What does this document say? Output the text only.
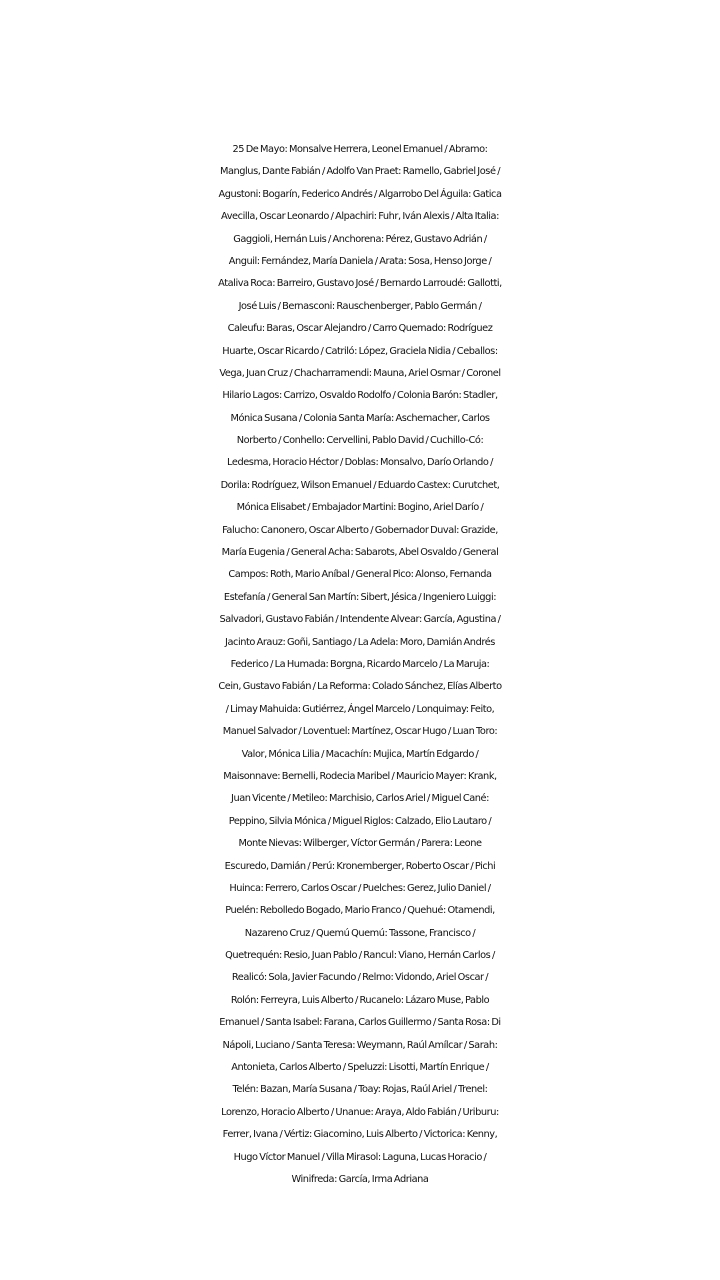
25 De Mayo: Monsalve Herrera, Leonel Emanuel / Abramo:
Manglus, Dante Fabián / Adolfo Van Praet: Ramello, Gabriel José /
Agustoni: Bogarín, Federico Andrés / Algarrobo Del Águila: Gatica
Avecilla, Oscar Leonardo / Alpachiri: Fuhr, Iván Alexis / Alta Italia:
Gaggioli, Hernán Luis / Anchorena: Pérez, Gustavo Adrián /
Anguil: Fernández, María Daniela / Arata: Sosa, Henso Jorge /
Ataliva Roca: Barreiro, Gustavo José / Bernardo Larroudé: Gallotti,
José Luis / Bernasconi: Rauschenberger, Pablo Germán /
Caleufu: Baras, Oscar Alejandro / Carro Quemado: Rodríguez
Huarte, Oscar Ricardo / Catriló: López, Graciela Nidia / Ceballos:
Vega, Juan Cruz / Chacharramendi: Mauna, Ariel Osmar / Coronel
Hilario Lagos: Carrizo, Osvaldo Rodolfo / Colonia Barón: Stadler,
Mónica Susana / Colonia Santa María: Aschemacher, Carlos
Norberto / Conhello: Cervellini, Pablo David / Cuchillo-Có:
Ledesma, Horacio Héctor / Doblas: Monsalvo, Darío Orlando /
Dorila: Rodríguez, Wilson Emanuel / Eduardo Castex: Curutchet,
Mónica Elisabet / Embajador Martini: Bogino, Ariel Darío /
Falucho: Canonero, Oscar Alberto / Gobernador Duval: Grazide,
María Eugenia / General Acha: Sabarots, Abel Osvaldo / General
Campos: Roth, Mario Aníbal / General Pico: Alonso, Fernanda
Estefanía / General San Martín: Sibert, Jésica / Ingeniero Luiggi:
Salvadori, Gustavo Fabián / Intendente Alvear: García, Agustina /
Jacinto Arauz: Goñi, Santiago / La Adela: Moro, Damián Andrés
Federico / La Humada: Borgna, Ricardo Marcelo / La Maruja:
Cein, Gustavo Fabián / La Reforma: Colado Sánchez, Elías Alberto
/ Limay Mahuida: Gutiérrez, Ángel Marcelo / Lonquimay: Feito,
Manuel Salvador / Loventuel: Martínez, Oscar Hugo / Luan Toro:
Valor, Mónica Lilia / Macachín: Mujica, Martín Edgardo /
Maisonnave: Bernelli, Rodecia Maribel / Mauricio Mayer: Krank,
Juan Vicente / Metileo: Marchisio, Carlos Ariel / Miguel Cané:
Peppino, Silvia Mónica / Miguel Riglos: Calzado, Elio Lautaro /
Monte Nievas: Wilberger, Víctor Germán / Parera: Leone
Escuredo, Damián / Perú: Kronemberger, Roberto Oscar / Pichi
Huinca: Ferrero, Carlos Oscar / Puelches: Gerez, Julio Daniel /
Puelén: Rebolledo Bogado, Mario Franco / Quehué: Otamendi,
Nazareno Cruz / Quemú Quemú: Tassone, Francisco /
Quetrequén: Resio, Juan Pablo / Rancul: Viano, Hernán Carlos /
Realicó: Sola, Javier Facundo / Relmo: Vidondo, Ariel Oscar /
Rolón: Ferreyra, Luis Alberto / Rucanelo: Lázaro Muse, Pablo
Emanuel / Santa Isabel: Farana, Carlos Guillermo / Santa Rosa: Di
Nápoli, Luciano / Santa Teresa: Weymann, Raúl Amílcar / Sarah:
Antonieta, Carlos Alberto / Speluzzi: Lisotti, Martín Enrique /
Telén: Bazan, María Susana / Toay: Rojas, Raúl Ariel / Trenel:
Lorenzo, Horacio Alberto / Unanue: Araya, Aldo Fabián / Uriburu:
Ferrer, Ivana / Vértiz: Giacomino, Luis Alberto / Victorica: Kenny,
Hugo Víctor Manuel / Villa Mirasol: Laguna, Lucas Horacio /
Winifreda: García, Irma Adriana
